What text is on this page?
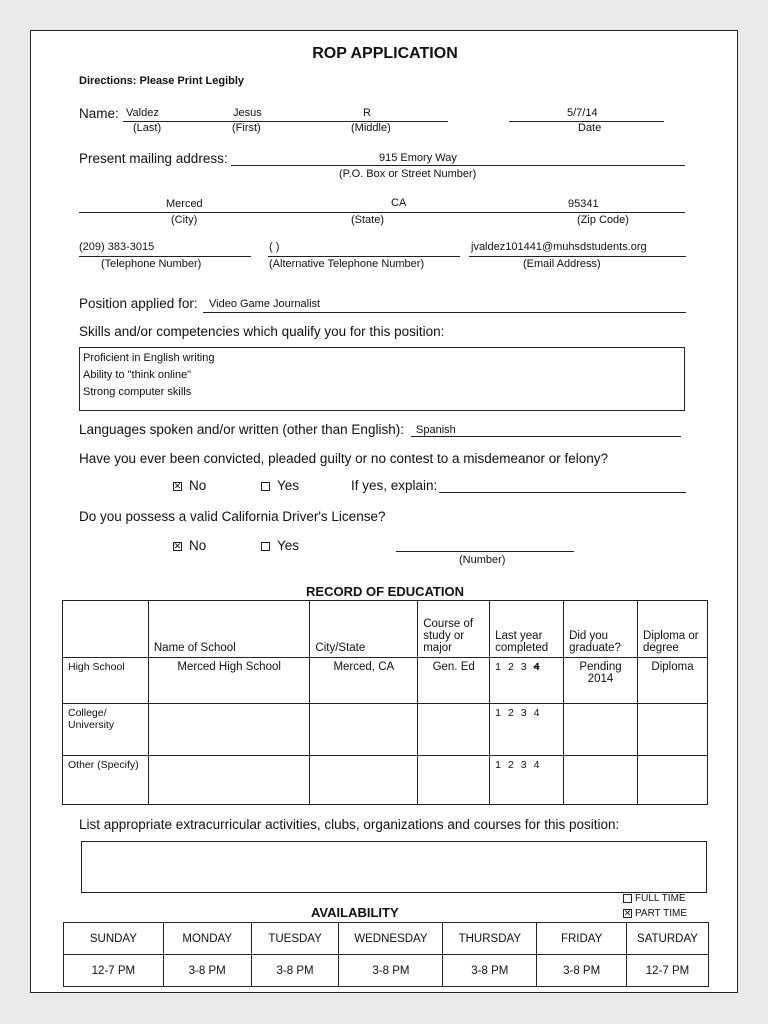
ROP APPLICATION
Directions: Please Print Legibly
Name: Valdez	Jesus	R	5/7/14
(Last)	(First)	(Middle)	Date
Present mailing address:	915 Emory Way
(P.O. Box or Street Number)
Merced	CA	95341
(City)	(State)	(Zip Code)
(209) 383-3015	( )	jvaldez101441@muhsdstudents.org
(Telephone Number)	(Alternative Telephone Number)	(Email Address)
Position applied for: Video Game Journalist
Skills and/or competencies which qualify you for this position:
Proficient in English writing
Ability to "think online"
Strong computer skills
Languages spoken and/or written (other than English): Spanish
Have you ever been convicted, pleaded guilty or no contest to a misdemeanor or felony?
✕No	Yes	If yes, explain:
Do you possess a valid California Driver's License?
✕No	Yes
(Number)
RECORD OF EDUCATION
	Name of School	City/State	Course of study or major	Last year completed	Did you graduate?	Diploma or degree
High School	Merced High School	Merced, CA	Gen. Ed	1 2 3 4	Pending 2014	Diploma
College/ University				1 2 3 4		
Other (Specify)				1 2 3 4		
List appropriate extracurricular activities, clubs, organizations and courses for this position:
AVAILABILITY
FULL TIME
✕PART TIME
SUNDAY	MONDAY	TUESDAY	WEDNESDAY	THURSDAY	FRIDAY	SATURDAY
12-7 PM	3-8 PM	3-8 PM	3-8 PM	3-8 PM	3-8 PM	12-7 PM
